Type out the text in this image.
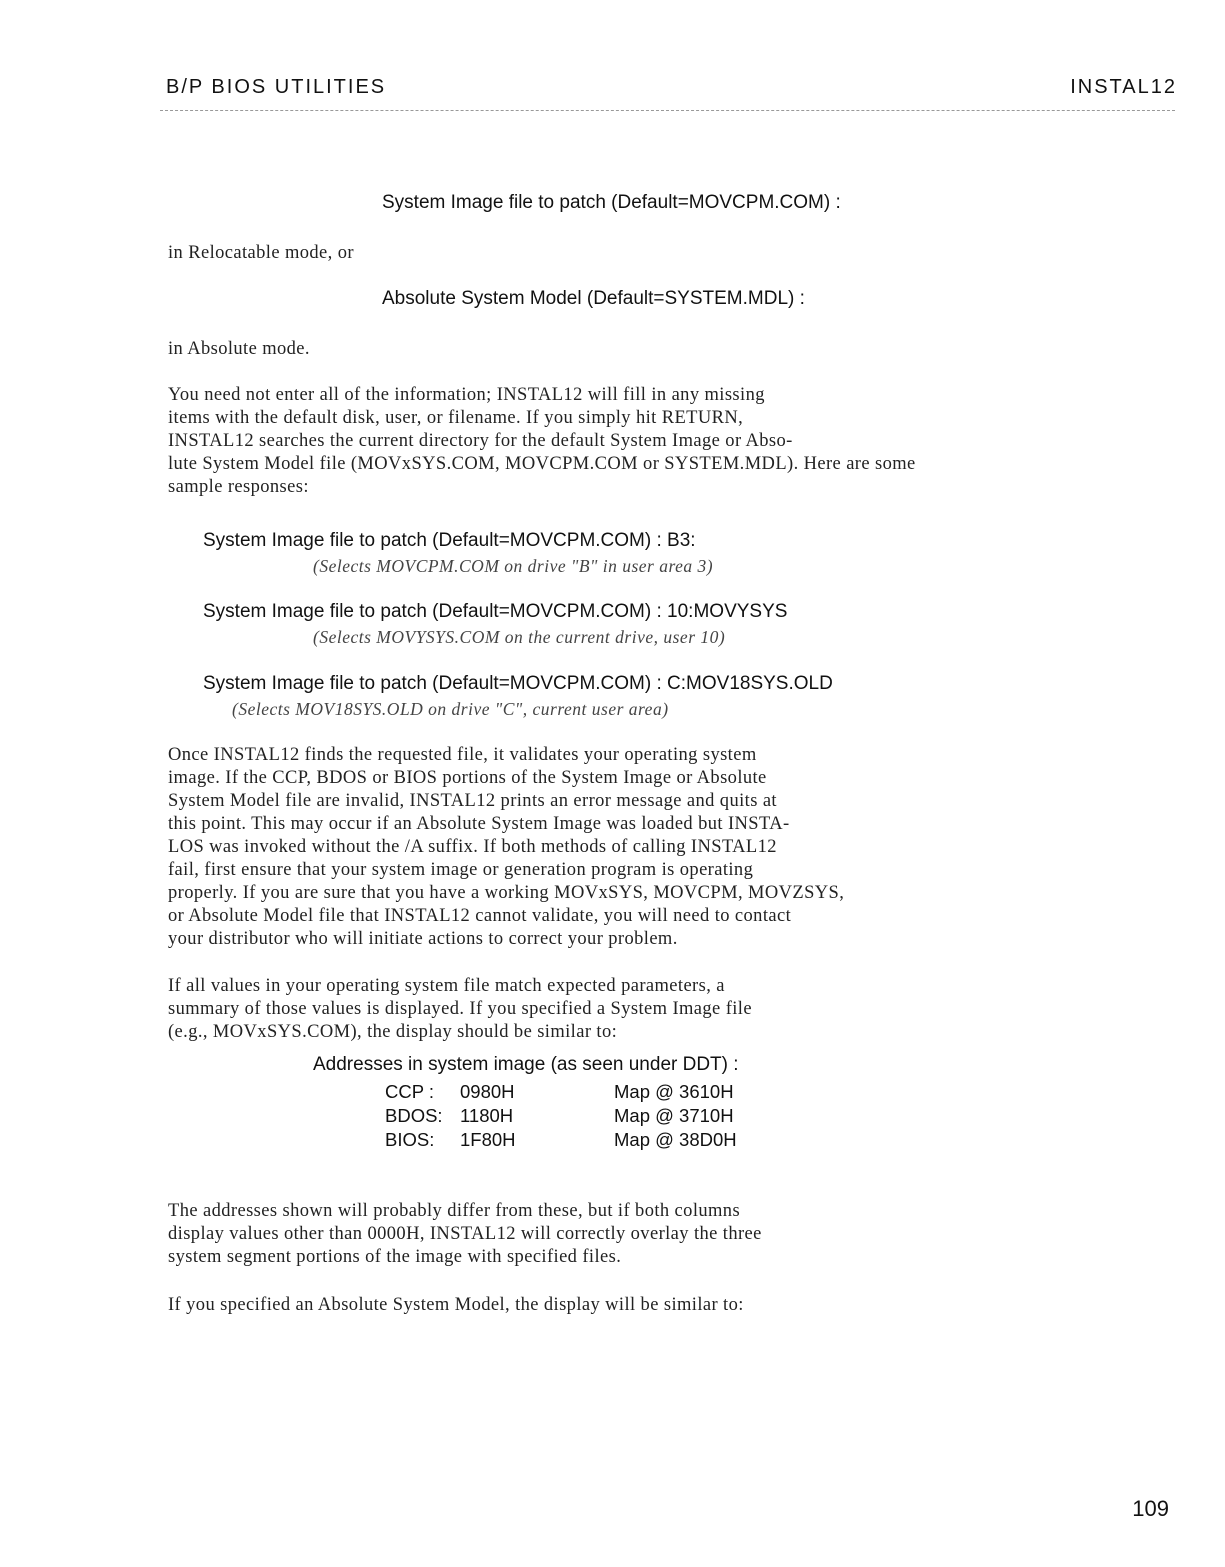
B/P BIOS UTILITIES	INSTAL12
System Image file to patch (Default=MOVCPM.COM) :
in Relocatable mode, or
Absolute System Model (Default=SYSTEM.MDL) :
in Absolute mode.

You need not enter all of the information; INSTAL12 will fill in any missing

items with the default disk, user, or filename. If you simply hit RETURN,

INSTAL12 searches the current directory for the default System Image or Abso-

lute System Model file (MOVxSYS.COM, MOVCPM.COM or SYSTEM.MDL). Here are some

sample responses:

System Image file to patch (Default=MOVCPM.COM) : B3:
(Selects MOVCPM.COM on drive "B" in user area 3)
System Image file to patch (Default=MOVCPM.COM) : 10:MOVYSYS
(Selects MOVYSYS.COM on the current drive, user 10)
System Image file to patch (Default=MOVCPM.COM) : C:MOV18SYS.OLD
(Selects MOV18SYS.OLD on drive "C", current user area)

Once INSTAL12 finds the requested file, it validates your operating system

image. If the CCP, BDOS or BIOS portions of the System Image or Absolute

System Model file are invalid, INSTAL12 prints an error message and quits at

this point. This may occur if an Absolute System Image was loaded but INSTA-

LOS was invoked without the /A suffix. If both methods of calling INSTAL12

fail, first ensure that your system image or generation program is operating

properly. If you are sure that you have a working MOVxSYS, MOVCPM, MOVZSYS,

or Absolute Model file that INSTAL12 cannot validate, you will need to contact

your distributor who will initiate actions to correct your problem.

If all values in your operating system file match expected parameters, a

summary of those values is displayed. If you specified a System Image file

(e.g., MOVxSYS.COM), the display should be similar to:

Addresses in system image (as seen under DDT) :
CCP : 0980H	Map @ 3610H
BDOS: 1180H	Map @ 3710H
BIOS: 1F80H	Map @ 38D0H

The addresses shown will probably differ from these, but if both columns

display values other than 0000H, INSTAL12 will correctly overlay the three

system segment portions of the image with specified files.

If you specified an Absolute System Model, the display will be similar to:
109
